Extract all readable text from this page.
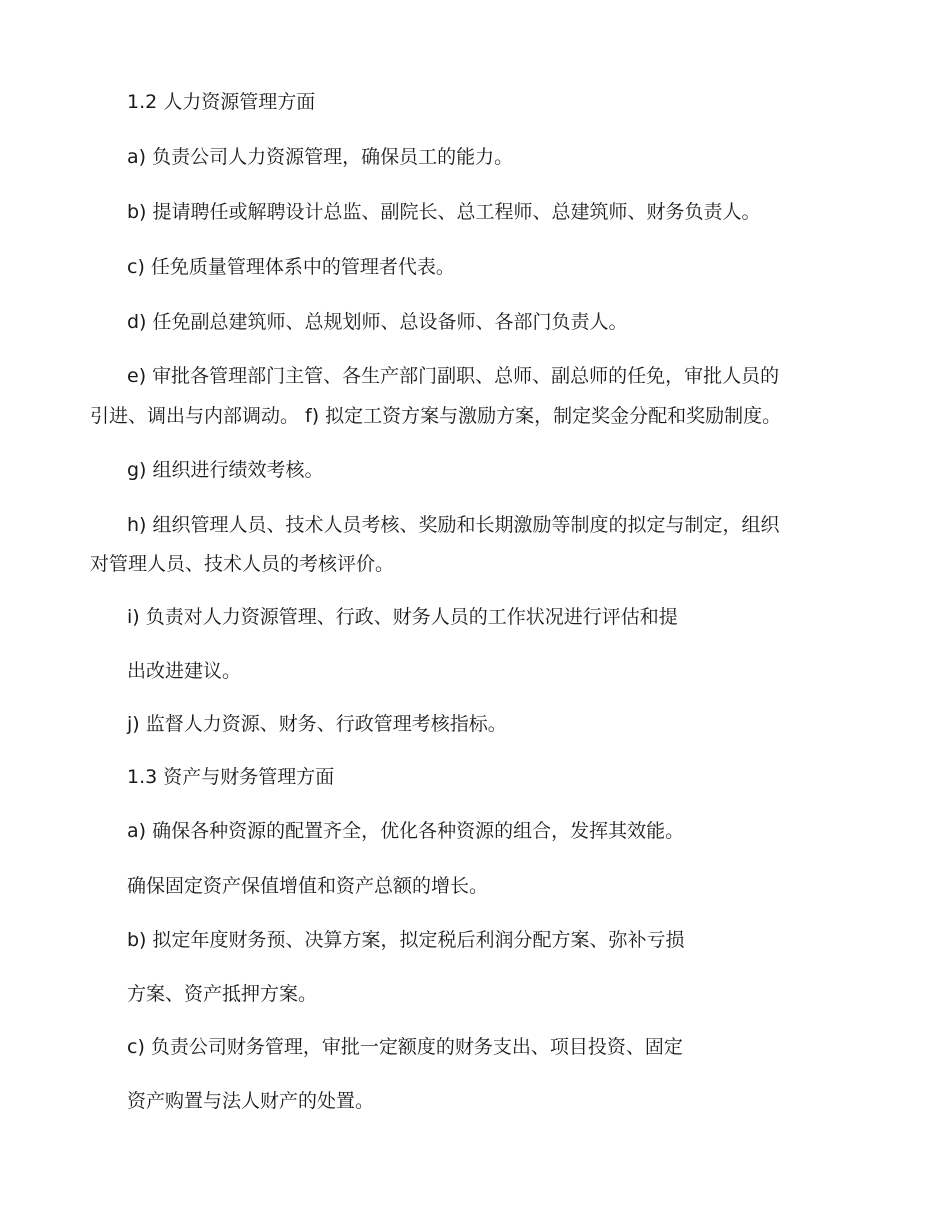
1.2 人力资源管理方面
a) 负责公司人力资源管理，确保员工的能力。
b) 提请聘任或解聘设计总监、副院长、总工程师、总建筑师、财务负责人。
c) 任免质量管理体系中的管理者代表。
d) 任免副总建筑师、总规划师、总设备师、各部门负责人。
e) 审批各管理部门主管、各生产部门副职、总师、副总师的任免，审批人员的
引进、调出与内部调动。 f) 拟定工资方案与激励方案，制定奖金分配和奖励制度。
g) 组织进行绩效考核。
h) 组织管理人员、技术人员考核、奖励和长期激励等制度的拟定与制定，组织
对管理人员、技术人员的考核评价。
i) 负责对人力资源管理、行政、财务人员的工作状况进行评估和提
出改进建议。
j) 监督人力资源、财务、行政管理考核指标。
1.3 资产与财务管理方面
a) 确保各种资源的配置齐全，优化各种资源的组合，发挥其效能。
确保固定资产保值增值和资产总额的增长。
b) 拟定年度财务预、决算方案，拟定税后利润分配方案、弥补亏损
方案、资产抵押方案。
c) 负责公司财务管理，审批一定额度的财务支出、项目投资、固定
资产购置与法人财产的处置。
